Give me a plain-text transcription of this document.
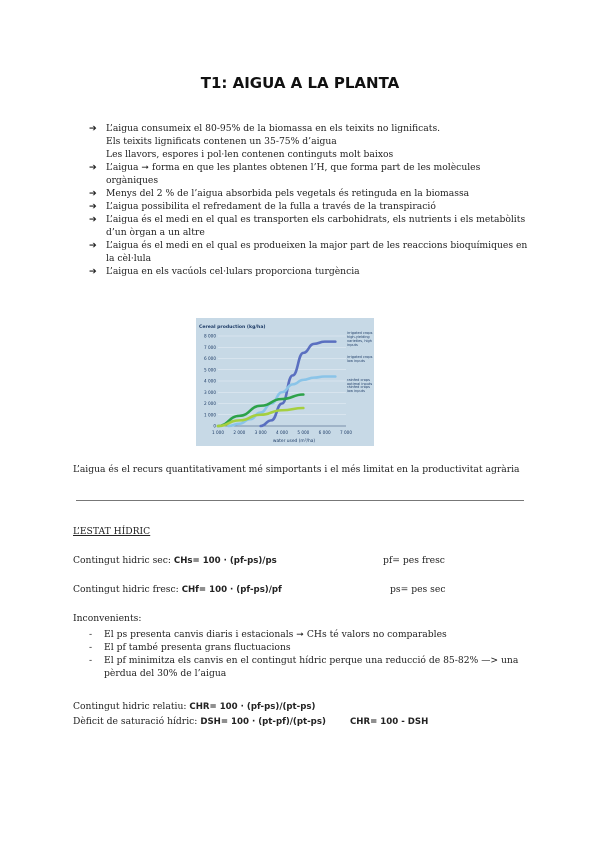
T1: AIGUA A LA PLANTA
➔ L’aigua consumeix el 80-95% de la biomassa en els teixits no lignificats.
Els teixits lignificats contenen un 35-75% d’aigua
Les llavors, espores i pol·len contenen continguts molt baixos
➔ L’aigua ➞ forma en que les plantes obtenen l’H, que forma part de les molècules orgàniques
➔ Menys del 2 % de l’aigua absorbida pels vegetals és retinguda en la biomassa
➔ L’aigua possibilita el refredament de la fulla a través de la transpiració
➔ L’aigua és el medi en el qual es transporten els carbohidrats, els nutrients i els metabòlits d’un òrgan a un altre
➔ L’aigua és el medi en el qual es produeixen la major part de les reaccions bioquímiques en la cèl·lula
➔ L’aigua en els vacúols cel·lulars proporciona turgència
Cereal production (kg/ha)
water used (m³/ha)
0
1 000
2 000
3 000
4 000
5 000
6 000
7 000
8 000
1 000 2 000 3 000 4 000 5 000 6 000 7 000
irrigated crops high-yielding varieties, high inputs
irrigated crops low inputs
rainfed crops optimal inputs
rainfed crops low inputs
L’aigua és el recurs quantitativament mé simportants i el més limitat en la productivitat agrària
L’ESTAT HÍDRIC
Contingut hidric sec: CHs= 100 · (pf-ps)/ps	pf= pes fresc
Contingut hidric fresc: CHf= 100 · (pf-ps)/pf	ps= pes sec
Inconvenients:
- El ps presenta canvis diaris i estacionals ➞ CHs té valors no comparables
- El pf també presenta grans fluctuacions
- El pf minimitza els canvis en el contingut hídric perque una reducció de 85-82% —> una
pèrdua del 30% de l’aigua
Contingut hidric relatiu: CHR= 100 · (pf-ps)/(pt-ps)
Dèficit de saturació hídric: DSH= 100 · (pt-pf)/(pt-ps)	CHR= 100 - DSH
